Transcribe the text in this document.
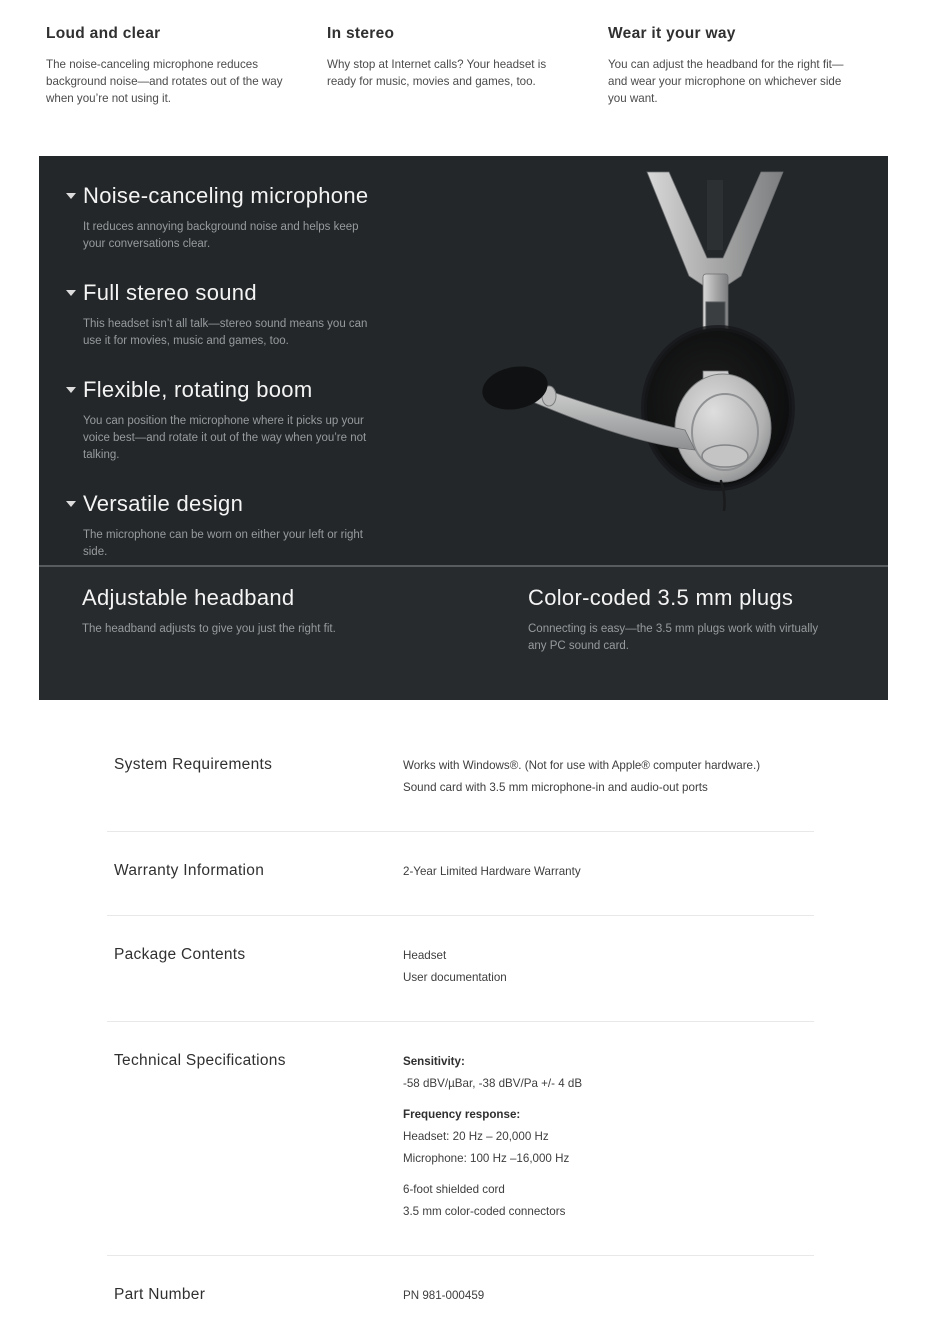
Loud and clear

The noise-canceling microphone reduces background noise—and rotates out of the way when you’re not using it.

In stereo

Why stop at Internet calls? Your headset is ready for music, movies and games, too.

Wear it your way

You can adjust the headband for the right fit—and wear your microphone on whichever side you want.

Noise-canceling microphone

It reduces annoying background noise and helps keep your conversations clear.

Full stereo sound

This headset isn’t all talk—stereo sound means you can use it for movies, music and games, too.

Flexible, rotating boom

You can position the microphone where it picks up your voice best—and rotate it out of the way when you’re not talking.

Versatile design

The microphone can be worn on either your left or right side.

Adjustable headband

The headband adjusts to give you just the right fit.

Color-coded 3.5 mm plugs

Connecting is easy—the 3.5 mm plugs work with virtually any PC sound card.

System Requirements	Works with Windows®. (Not for use with Apple® computer hardware.)
Sound card with 3.5 mm microphone-in and audio-out ports
Warranty Information	2-Year Limited Hardware Warranty
Package Contents	Headset
User documentation
Technical Specifications	Sensitivity:
-58 dBV/µBar, -38 dBV/Pa +/- 4 dB
Frequency response:
Headset: 20 Hz – 20,000 Hz
Microphone: 100 Hz –16,000 Hz
6-foot shielded cord
3.5 mm color-coded connectors
Part Number	PN 981-000459
